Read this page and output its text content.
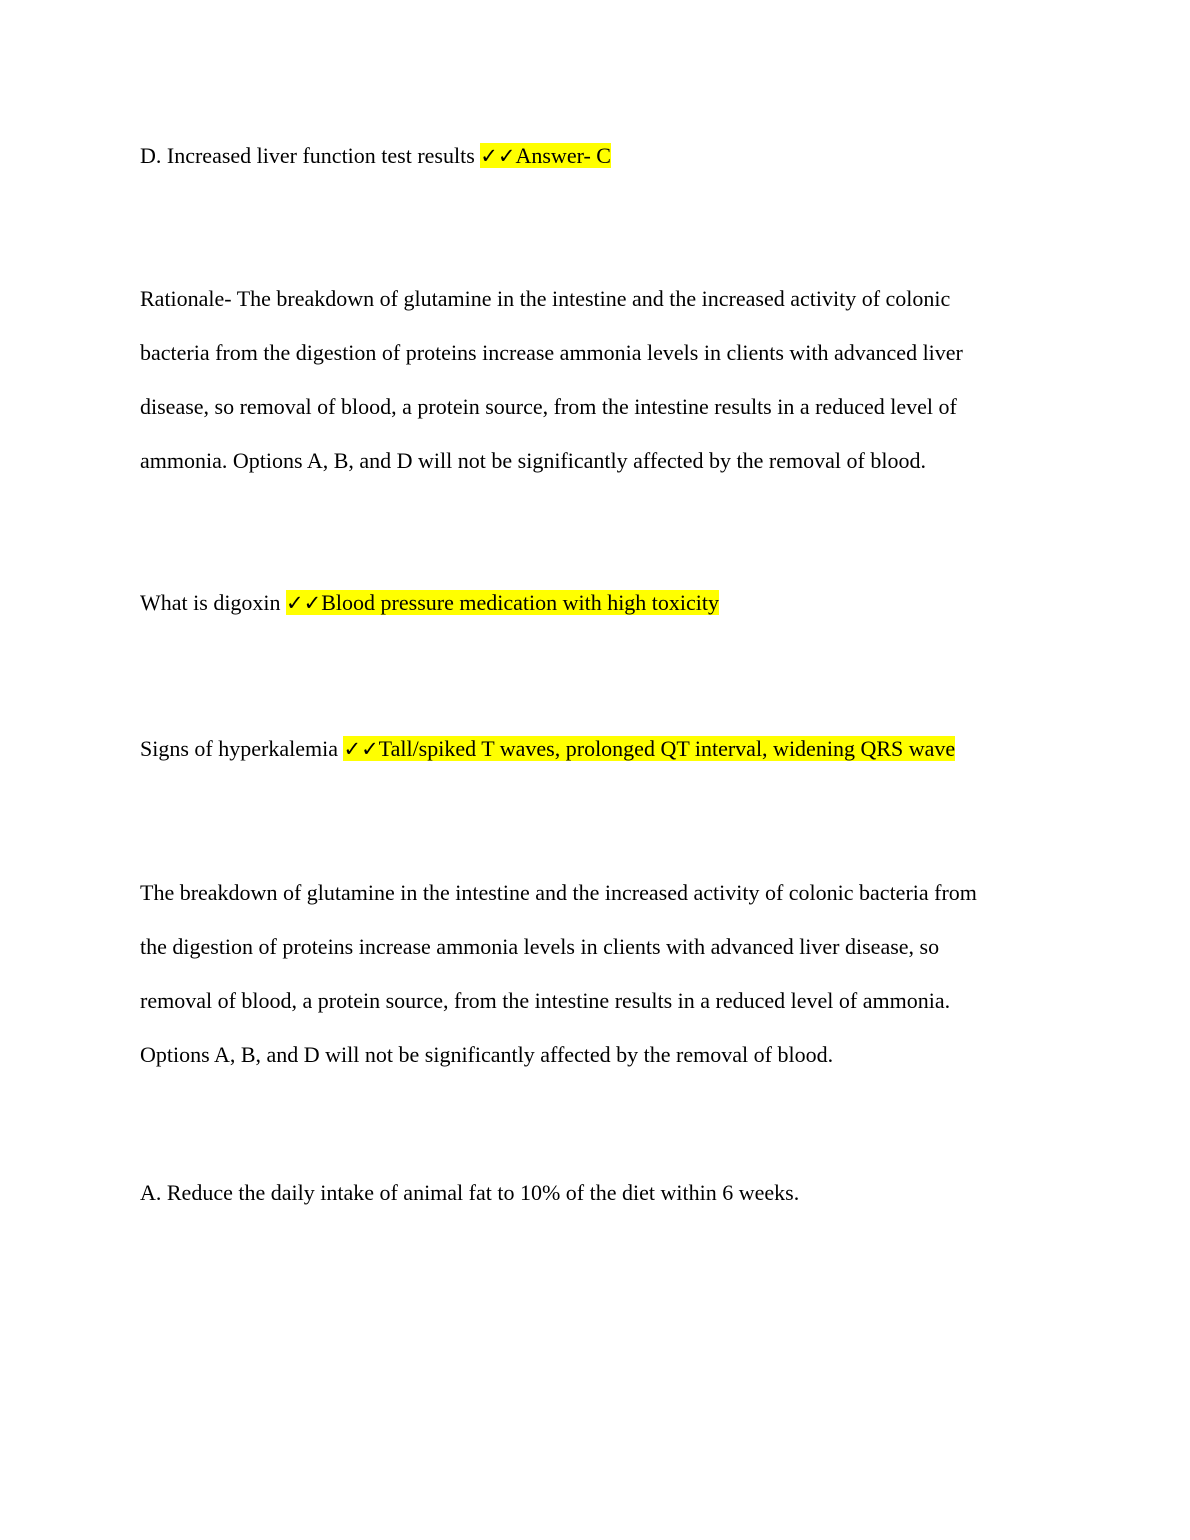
D. Increased liver function test results ✓✓Answer- C
Rationale- The breakdown of glutamine in the intestine and the increased activity of colonic
bacteria from the digestion of proteins increase ammonia levels in clients with advanced liver
disease, so removal of blood, a protein source, from the intestine results in a reduced level of
ammonia. Options A, B, and D will not be significantly affected by the removal of blood.
What is digoxin ✓✓Blood pressure medication with high toxicity
Signs of hyperkalemia ✓✓Tall/spiked T waves, prolonged QT interval, widening QRS wave
The breakdown of glutamine in the intestine and the increased activity of colonic bacteria from
the digestion of proteins increase ammonia levels in clients with advanced liver disease, so
removal of blood, a protein source, from the intestine results in a reduced level of ammonia.
Options A, B, and D will not be significantly affected by the removal of blood.
A. Reduce the daily intake of animal fat to 10% of the diet within 6 weeks.
